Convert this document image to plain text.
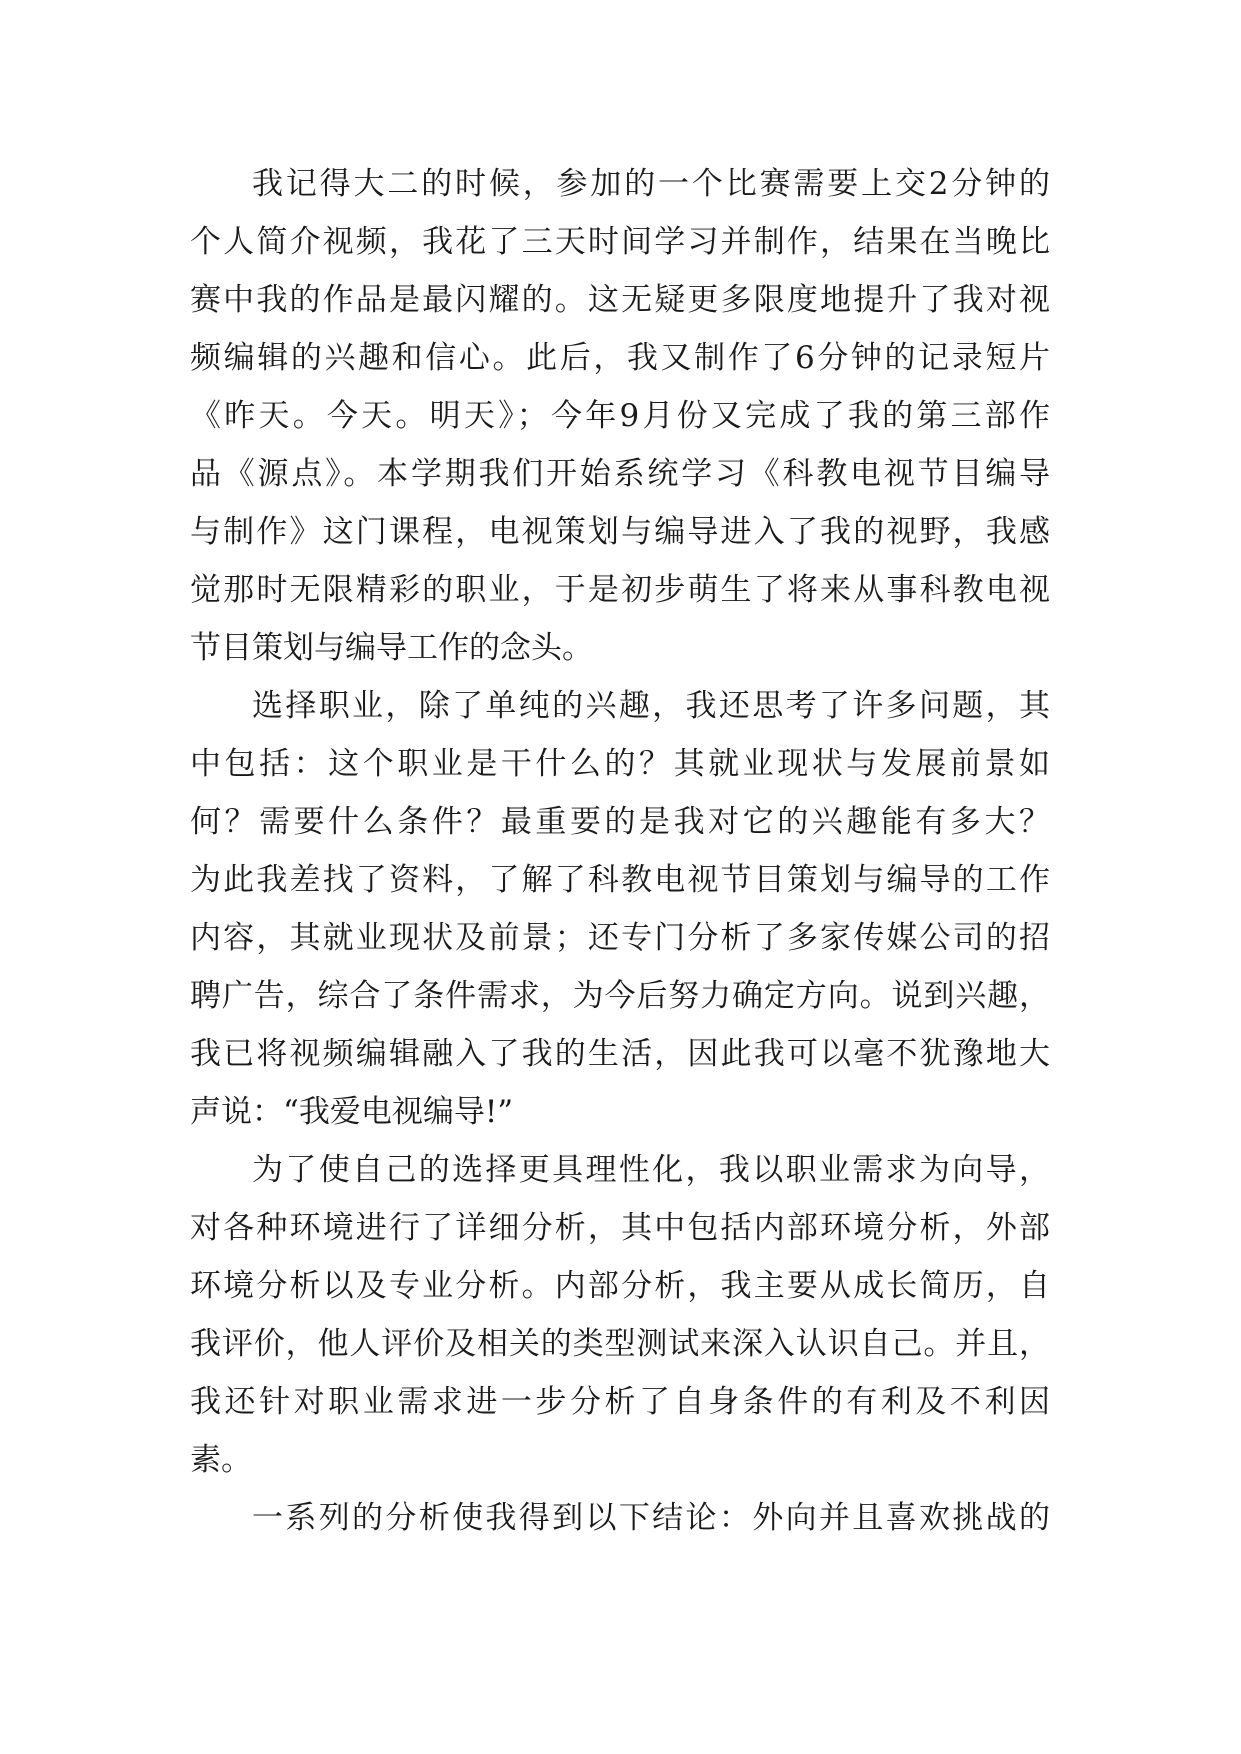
我记得大二的时候，参加的一个比赛需要上交2分钟的
个人简介视频，我花了三天时间学习并制作，结果在当晚比
赛中我的作品是最闪耀的。这无疑更多限度地提升了我对视
频编辑的兴趣和信心。此后，我又制作了6分钟的记录短片
《昨天。今天。明天》；今年9月份又完成了我的第三部作
品《源点》。本学期我们开始系统学习《科教电视节目编导
与制作》这门课程，电视策划与编导进入了我的视野，我感
觉那时无限精彩的职业，于是初步萌生了将来从事科教电视
节目策划与编导工作的念头。
选择职业，除了单纯的兴趣，我还思考了许多问题，其
中包括：这个职业是干什么的？其就业现状与发展前景如
何？需要什么条件？最重要的是我对它的兴趣能有多大？
为此我差找了资料，了解了科教电视节目策划与编导的工作
内容，其就业现状及前景；还专门分析了多家传媒公司的招
聘广告，综合了条件需求，为今后努力确定方向。说到兴趣，
我已将视频编辑融入了我的生活，因此我可以毫不犹豫地大
声说：“我爱电视编导!”
为了使自己的选择更具理性化，我以职业需求为向导，
对各种环境进行了详细分析，其中包括内部环境分析，外部
环境分析以及专业分析。内部分析，我主要从成长简历，自
我评价，他人评价及相关的类型测试来深入认识自己。并且，
我还针对职业需求进一步分析了自身条件的有利及不利因
素。
一系列的分析使我得到以下结论：外向并且喜欢挑战的
